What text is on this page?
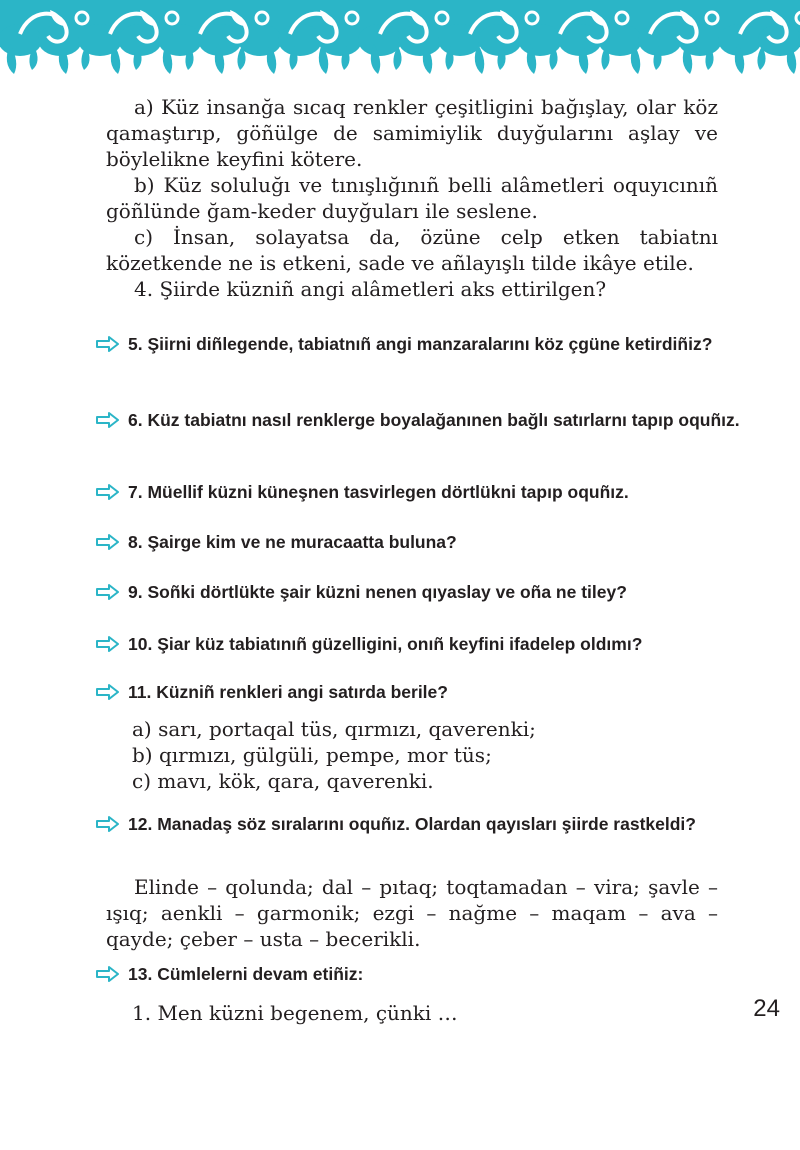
a) Küz insanğa sıcaq renkler çeşitligini bağışlay, olar köz qamaştırıp, göñülge de samimiylik duyğularını aşlay ve böylelikne keyfini kötere.

b) Küz soluluğı ve tınışlığınıñ belli alâmetleri oquyıcınıñ göñlünde ğam-keder duyğuları ile seslene.

c) İnsan, solayatsa da, özüne celp etken tabiatnı közetkende ne is etkeni, sade ve añlayışlı tilde ikâye etile.

4. Şiirde küzniñ angi alâmetleri aks ettirilgen?

5. Şiirni diñlegende, tabiatnıñ angi manzaralarını köz çgüne ketirdiñiz?
6. Küz tabiatnı nasıl renklerge boyalağanınen bağlı satırlarnı tapıp oquñız.
7. Müellif küzni küneşnen tasvirlegen dörtlükni tapıp oquñız.
8. Şairge kim ve ne muracaatta buluna?
9. Soñki dörtlükte şair küzni nenen qıyaslay ve oña ne tiley?
10. Şiar küz tabiatınıñ güzelligini, onıñ keyfini ifadelep oldımı?
11. Küzniñ renkleri angi satırda berile?

a) sarı, portaqal tüs, qırmızı, qaverenki;

b) qırmızı, gülgüli, pempe, mor tüs;

c) mavı, kök, qara, qaverenki.

12. Manadaş söz sıralarını oquñız. Olardan qayısları şiirde rastkeldi?

Elinde – qolunda; dal – pıtaq; toqtamadan – vira; şavle – ışıq; aenkli – garmonik; ezgi – nağme – maqam – ava – qayde; çeber – usta – becerikli.

13. Cümlelerni devam etiñiz:

1. Men küzni begenem, çünki …	24
